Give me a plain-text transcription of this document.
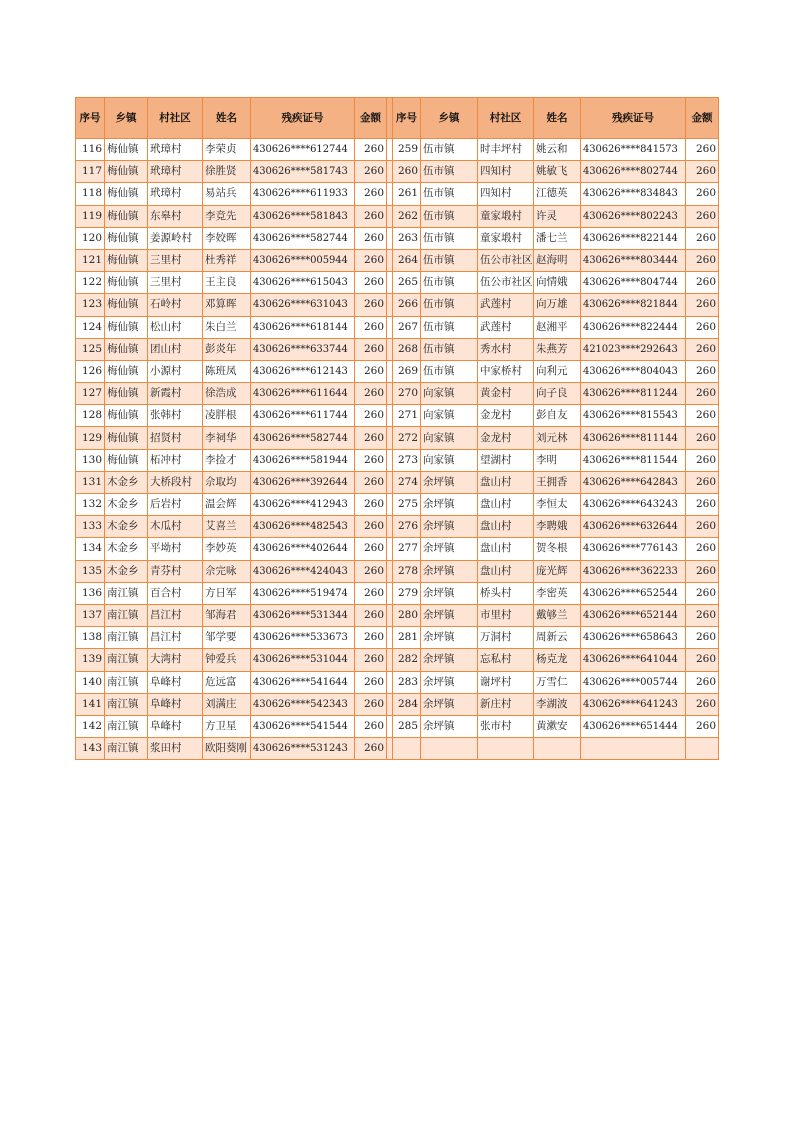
序号	乡镇	村社区	姓名	残疾证号	金额		序号	乡镇	村社区	姓名	残疾证号	金额
116	梅仙镇	玳璋村	李荣贞	430626****612744	260		259	伍市镇	时丰坪村	姚云和	430626****841573	260
117	梅仙镇	玳璋村	徐胜贤	430626****581743	260		260	伍市镇	四知村	姚敏飞	430626****802744	260
118	梅仙镇	玳璋村	易站兵	430626****611933	260		261	伍市镇	四知村	江德英	430626****834843	260
119	梅仙镇	东皋村	李竞先	430626****581843	260		262	伍市镇	童家塅村	许灵	430626****802243	260
120	梅仙镇	姜源岭村	李姣晖	430626****582744	260		263	伍市镇	童家塅村	潘七兰	430626****822144	260
121	梅仙镇	三里村	杜秀祥	430626****005944	260		264	伍市镇	伍公市社区	赵海明	430626****803444	260
122	梅仙镇	三里村	王主良	430626****615043	260		265	伍市镇	伍公市社区	向情娥	430626****804744	260
123	梅仙镇	石岭村	邓算晖	430626****631043	260		266	伍市镇	武莲村	向万雄	430626****821844	260
124	梅仙镇	松山村	朱白兰	430626****618144	260		267	伍市镇	武莲村	赵湘平	430626****822444	260
125	梅仙镇	团山村	彭炎年	430626****633744	260		268	伍市镇	秀水村	朱燕芳	421023****292643	260
126	梅仙镇	小源村	陈班凤	430626****612143	260		269	伍市镇	中家桥村	向利元	430626****804043	260
127	梅仙镇	新霞村	徐浩成	430626****611644	260		270	向家镇	黄金村	向子良	430626****811244	260
128	梅仙镇	张韩村	凌胖根	430626****611744	260		271	向家镇	金龙村	彭自友	430626****815543	260
129	梅仙镇	招贤村	李祠华	430626****582744	260		272	向家镇	金龙村	刘元林	430626****811144	260
130	梅仙镇	柘冲村	李捡才	430626****581944	260		273	向家镇	望湖村	李明	430626****811544	260
131	木金乡	大桥段村	佘取均	430626****392644	260		274	余坪镇	盘山村	王拥香	430626****642843	260
132	木金乡	后岩村	温会辉	430626****412943	260		275	余坪镇	盘山村	李恒太	430626****643243	260
133	木金乡	木瓜村	艾喜兰	430626****482543	260		276	余坪镇	盘山村	李聘娥	430626****632644	260
134	木金乡	平坳村	李妙英	430626****402644	260		277	余坪镇	盘山村	贺冬根	430626****776143	260
135	木金乡	青芬村	佘完咏	430626****424043	260		278	余坪镇	盘山村	庞光辉	430626****362233	260
136	南江镇	百合村	方日军	430626****519474	260		279	余坪镇	桥头村	李密英	430626****652544	260
137	南江镇	昌江村	邹海君	430626****531344	260		280	余坪镇	市里村	戴够兰	430626****652144	260
138	南江镇	昌江村	邹学要	430626****533673	260		281	余坪镇	万洞村	周新云	430626****658643	260
139	南江镇	大湾村	钟爱兵	430626****531044	260		282	余坪镇	忘私村	杨克龙	430626****641044	260
140	南江镇	阜峰村	危远富	430626****541644	260		283	余坪镇	谢坪村	万雪仁	430626****005744	260
141	南江镇	阜峰村	刘满庄	430626****542343	260		284	余坪镇	新庄村	李湖波	430626****641243	260
142	南江镇	阜峰村	方卫星	430626****541544	260		285	余坪镇	张市村	黄漱安	430626****651444	260
143	南江镇	浆田村	欧阳葵刚	430626****531243	260							
